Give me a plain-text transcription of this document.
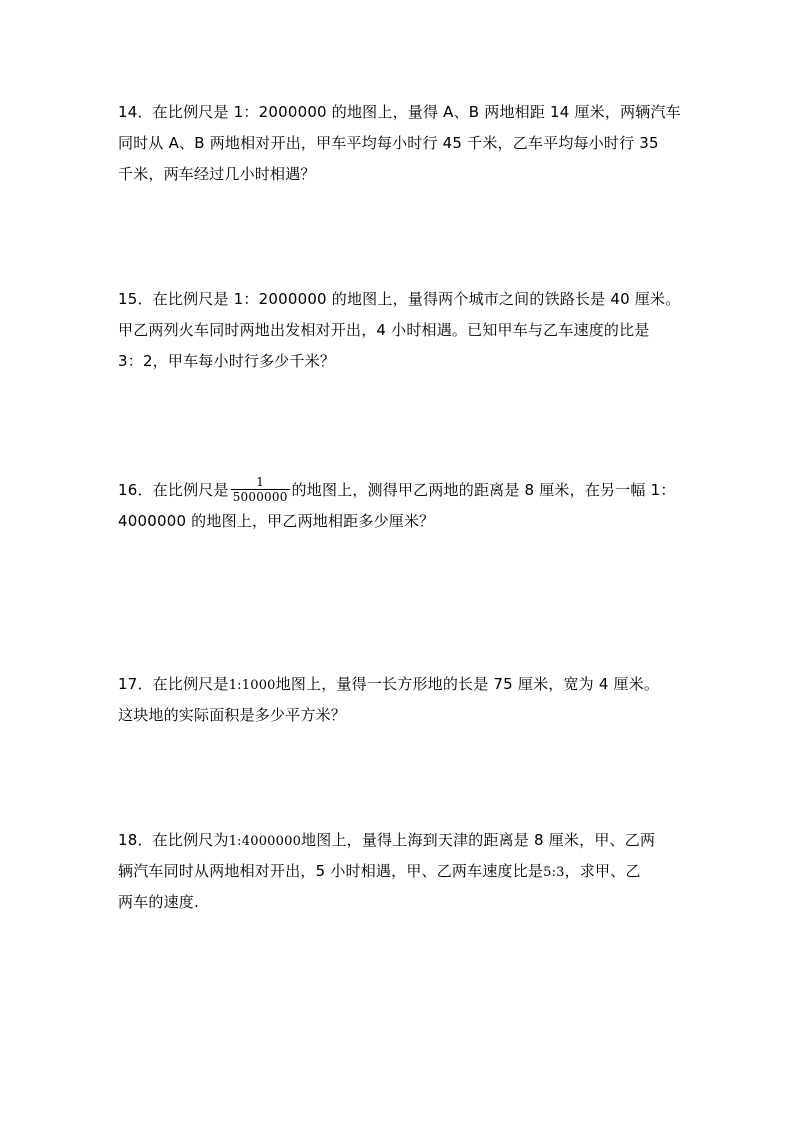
14．在比例尺是 1：2000000 的地图上，量得 A、B 两地相距 14 厘米，两辆汽车
同时从 A、B 两地相对开出，甲车平均每小时行 45 千米，乙车平均每小时行 35
千米，两车经过几小时相遇？
15．在比例尺是 1：2000000 的地图上，量得两个城市之间的铁路长是 40 厘米。
甲乙两列火车同时两地出发相对开出，4 小时相遇。已知甲车与乙车速度的比是
3：2，甲车每小时行多少千米？
16．在比例尺是 $\frac{1}{5000000}$ 的地图上，测得甲乙两地的距离是 8 厘米，在另一幅 1：
4000000 的地图上，甲乙两地相距多少厘米？
17．在比例尺是1:1000地图上，量得一长方形地的长是 75 厘米，宽为 4 厘米。
这块地的实际面积是多少平方米？
18．在比例尺为1:4000000地图上，量得上海到天津的距离是 8 厘米，甲、乙两
辆汽车同时从两地相对开出，5 小时相遇，甲、乙两车速度比是5:3，求甲、乙
两车的速度.
